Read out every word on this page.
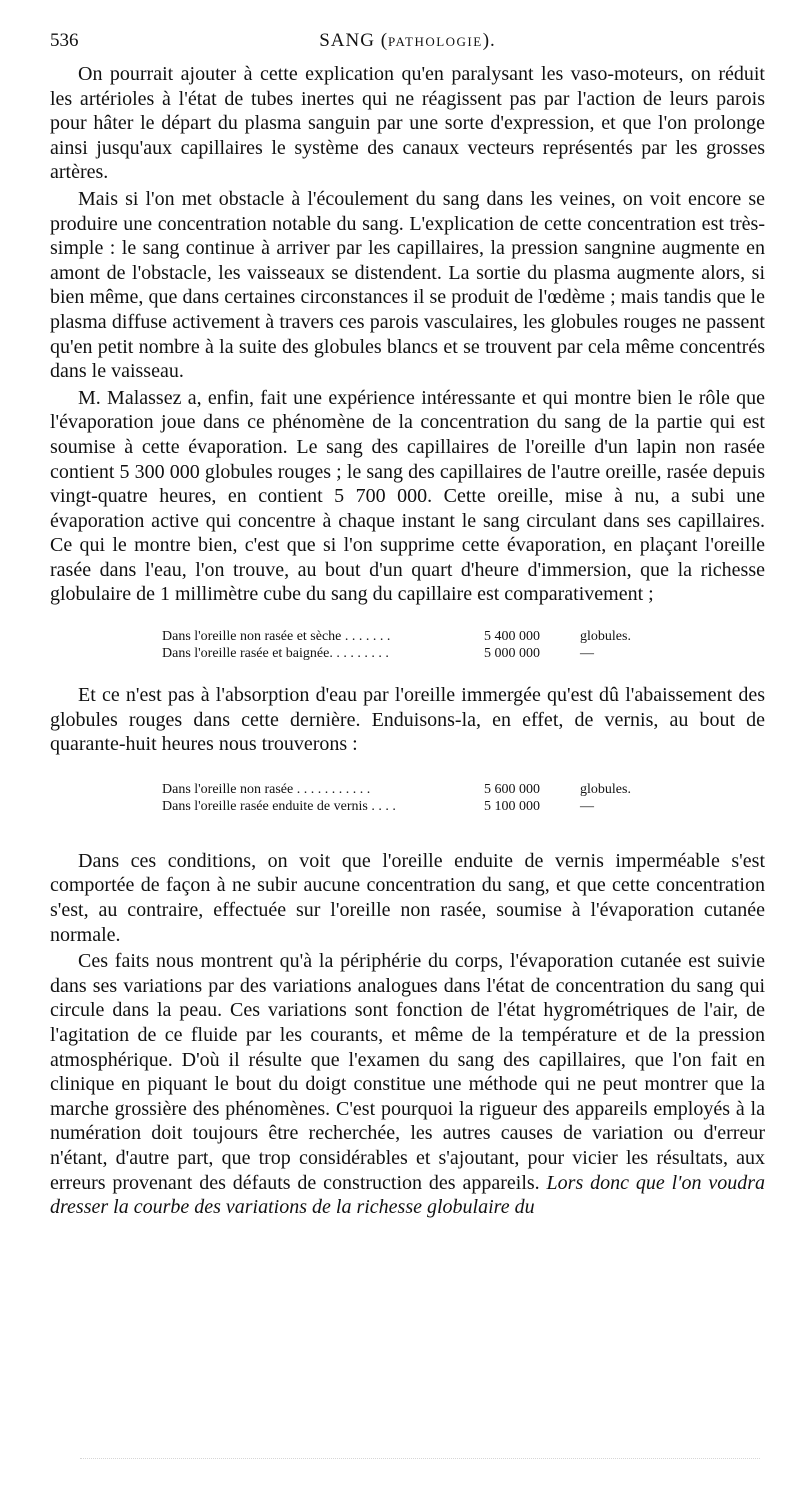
536	SANG (PATHOLOGIE).

On pourrait ajouter à cette explication qu'en paralysant les vaso-moteurs, on réduit les artérioles à l'état de tubes inertes qui ne réagissent pas par l'action de leurs parois pour hâter le départ du plasma sanguin par une sorte d'expression, et que l'on prolonge ainsi jusqu'aux capillaires le système des canaux vecteurs représentés par les grosses artères.

Mais si l'on met obstacle à l'écoulement du sang dans les veines, on voit encore se produire une concentration notable du sang. L'explication de cette concentration est très-simple : le sang continue à arriver par les capillaires, la pression sangnine augmente en amont de l'obstacle, les vaisseaux se distendent. La sortie du plasma augmente alors, si bien même, que dans certaines circonstances il se produit de l'œdème ; mais tandis que le plasma diffuse activement à travers ces parois vasculaires, les globules rouges ne passent qu'en petit nombre à la suite des globules blancs et se trouvent par cela même concentrés dans le vaisseau.

M. Malassez a, enfin, fait une expérience intéressante et qui montre bien le rôle que l'évaporation joue dans ce phénomène de la concentration du sang de la partie qui est soumise à cette évaporation. Le sang des capillaires de l'oreille d'un lapin non rasée contient 5 300 000 globules rouges ; le sang des capillaires de l'autre oreille, rasée depuis vingt-quatre heures, en contient 5 700 000. Cette oreille, mise à nu, a subi une évaporation active qui concentre à chaque instant le sang circulant dans ses capillaires. Ce qui le montre bien, c'est que si l'on supprime cette évaporation, en plaçant l'oreille rasée dans l'eau, l'on trouve, au bout d'un quart d'heure d'immersion, que la richesse globulaire de 1 millimètre cube du sang du capillaire est comparativement ;

Dans l'oreille non rasée et sèche . . . . . . .	5 400 000	globules.
Dans l'oreille rasée et baignée. . . . . . . . .	5 000 000	—

Et ce n'est pas à l'absorption d'eau par l'oreille immergée qu'est dû l'abaissement des globules rouges dans cette dernière. Enduisons-la, en effet, de vernis, au bout de quarante-huit heures nous trouverons :

Dans l'oreille non rasée . . . . . . . . . . .	5 600 000	globules.
Dans l'oreille rasée enduite de vernis . . . .	5 100 000	—

Dans ces conditions, on voit que l'oreille enduite de vernis imperméable s'est comportée de façon à ne subir aucune concentration du sang, et que cette concentration s'est, au contraire, effectuée sur l'oreille non rasée, soumise à l'évaporation cutanée normale.

Ces faits nous montrent qu'à la périphérie du corps, l'évaporation cutanée est suivie dans ses variations par des variations analogues dans l'état de concentration du sang qui circule dans la peau. Ces variations sont fonction de l'état hygrométriques de l'air, de l'agitation de ce fluide par les courants, et même de la température et de la pression atmosphérique. D'où il résulte que l'examen du sang des capillaires, que l'on fait en clinique en piquant le bout du doigt constitue une méthode qui ne peut montrer que la marche grossière des phénomènes. C'est pourquoi la rigueur des appareils employés à la numération doit toujours être recherchée, les autres causes de variation ou d'erreur n'étant, d'autre part, que trop considérables et s'ajoutant, pour vicier les résultats, aux erreurs provenant des défauts de construction des appareils. Lors donc que l'on voudra dresser la courbe des variations de la richesse globulaire du
